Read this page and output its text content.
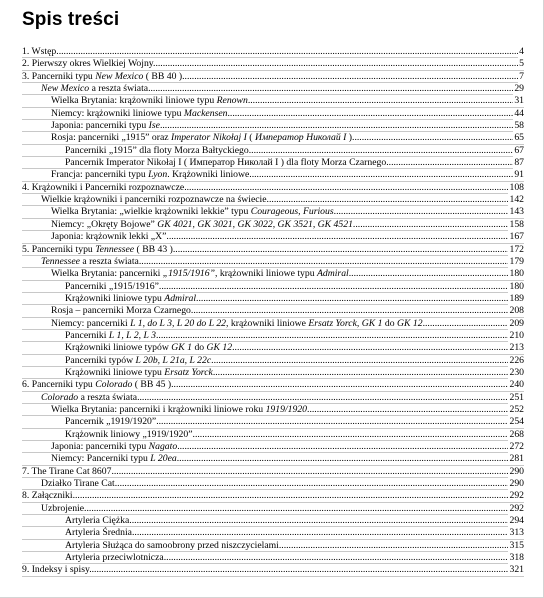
Spis treści
1. Wstęp .....	4
2. Pierwszy okres Wielkiej Wojny .....	5
3. Pancerniki typu New Mexico ( BB 40 ) .....	7
New Mexico a reszta świata .....	29
Wielka Brytania: krążowniki liniowe typu Renown .....	31
Niemcy: krążowniki liniowe typu Mackensen .....	44
Japonia: pancerniki typu Ise .....	58
Rosja: pancerniki „1915” oraz Imperator Nikołaj I ( Император Николай I ) .....	65
Pancerniki „1915” dla floty Morza Bałtyckiego .....	67
Pancernik Imperator Nikołaj I ( Император Николай I ) dla floty Morza Czarnego .....	87
Francja: pancerniki typu Lyon. Krążowniki liniowe .....	91
4. Krążowniki i Pancerniki rozpoznawcze .....	108
Wielkie krążowniki i pancerniki rozpoznawcze na świecie .....	142
Wielka Brytania: „wielkie krążowniki lekkie” typu Courageous, Furious .....	143
Niemcy: „Okręty Bojowe” GK 4021, GK 3021, GK 3022, GK 3521, GK 4521 .....	158
Japonia: krążownik lekki „X” .....	167
5. Pancerniki typu Tennessee ( BB 43 ) .....	172
Tennessee a reszta świata .....	179
Wielka Brytania: pancerniki „1915/1916”, krążowniki liniowe typu Admiral .....	180
Pancerniki „1915/1916” .....	180
Krążowniki liniowe typu Admiral .....	189
Rosja – pancerniki Morza Czarnego .....	208
Niemcy: pancerniki L 1, do L 3, L 20 do L 22, krążowniki liniowe Ersatz Yorck, GK 1 do GK 12 .....	209
Pancerniki L 1, L 2, L 3 .....	210
Krążowniki liniowe typów GK 1 do GK 12 .....	213
Pancerniki typów L 20b, L 21a, L 22c .....	226
Krążowniki liniowe typu Ersatz Yorck .....	230
6. Pancerniki typu Colorado ( BB 45 ) .....	240
Colorado a reszta świata .....	251
Wielka Brytania: pancerniki i krążowniki liniowe roku 1919/1920 .....	252
Pancernik „1919/1920” .....	254
Krążownik liniowy „1919/1920” .....	268
Japonia: pancerniki typu Nagato .....	272
Niemcy: Pancerniki typu L 20ea .....	281
7. The Tirane Cat 8607 .....	290
Działko Tirane Cat .....	290
8. Załączniki .....	292
Uzbrojenie .....	292
Artyleria Ciężka .....	294
Artyleria Średnia .....	313
Artyleria Służąca do samoobrony przed niszczycielami .....	315
Artyleria przeciwlotnicza .....	318
9. Indeksy i spisy .....	321
